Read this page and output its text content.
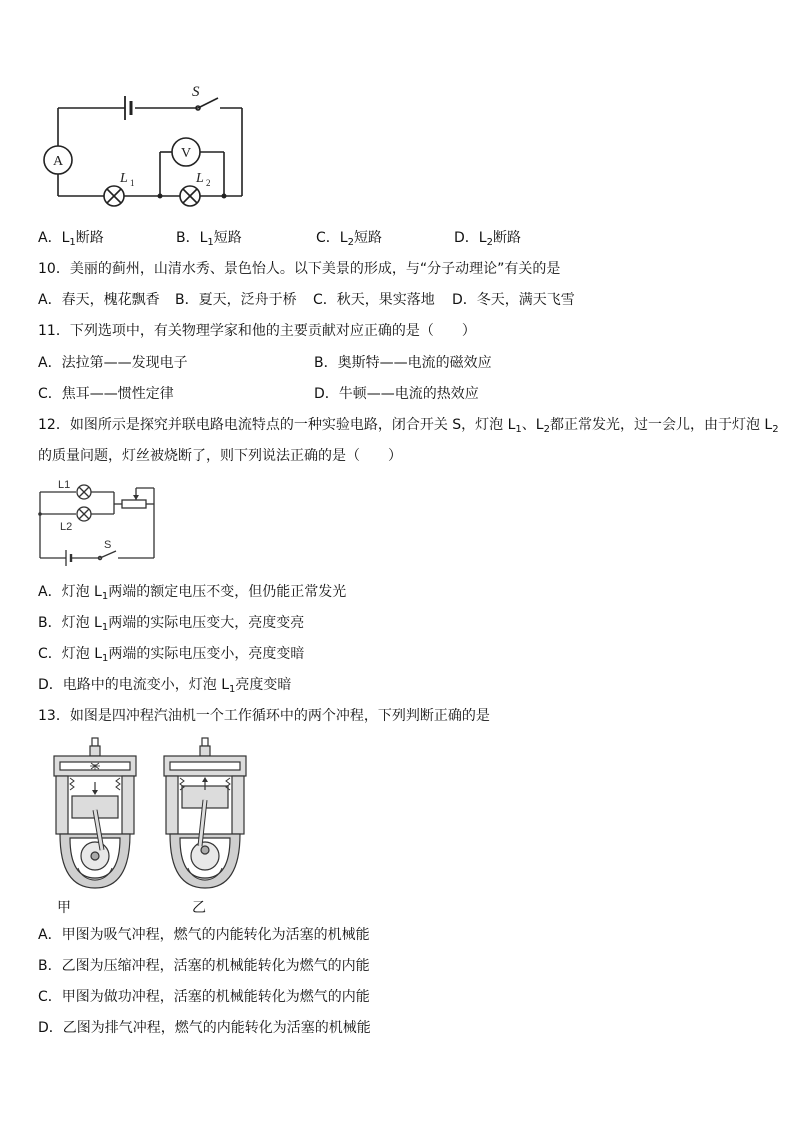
A
V
S
L 1	L 2
A．$L_1$断路	B．$L_1$短路	C．$L_2$短路	D．$L_2$断路
10．美丽的蓟州，山清水秀、景色怡人。以下美景的形成，与“分子动理论”有关的是
A．春天，槐花飘香 B．夏天，泛舟于桥 C．秋天，果实落地 D．冬天，满天飞雪
11．下列选项中，有关物理学家和他的主要贡献对应正确的是（　　）
A．法拉第——发现电子	B．奥斯特——电流的磁效应
C．焦耳——惯性定律	D．牛顿——电流的热效应
12．如图所示是探究并联电路电流特点的一种实验电路，闭合开关 S，灯泡 $L_1$、$L_2$都正常发光，过一会儿，由于灯泡 $L_2$
的质量问题，灯丝被烧断了，则下列说法正确的是（　　）
L1
L2
S
A．灯泡 $L_1$两端的额定电压不变，但仍能正常发光
B．灯泡 $L_1$两端的实际电压变大，亮度变亮
C．灯泡 $L_1$两端的实际电压变小，亮度变暗
D．电路中的电流变小，灯泡 $L_1$亮度变暗
13．如图是四冲程汽油机一个工作循环中的两个冲程，下列判断正确的是
甲	乙
A．甲图为吸气冲程，燃气的内能转化为活塞的机械能
B．乙图为压缩冲程，活塞的机械能转化为燃气的内能
C．甲图为做功冲程，活塞的机械能转化为燃气的内能
D．乙图为排气冲程，燃气的内能转化为活塞的机械能
